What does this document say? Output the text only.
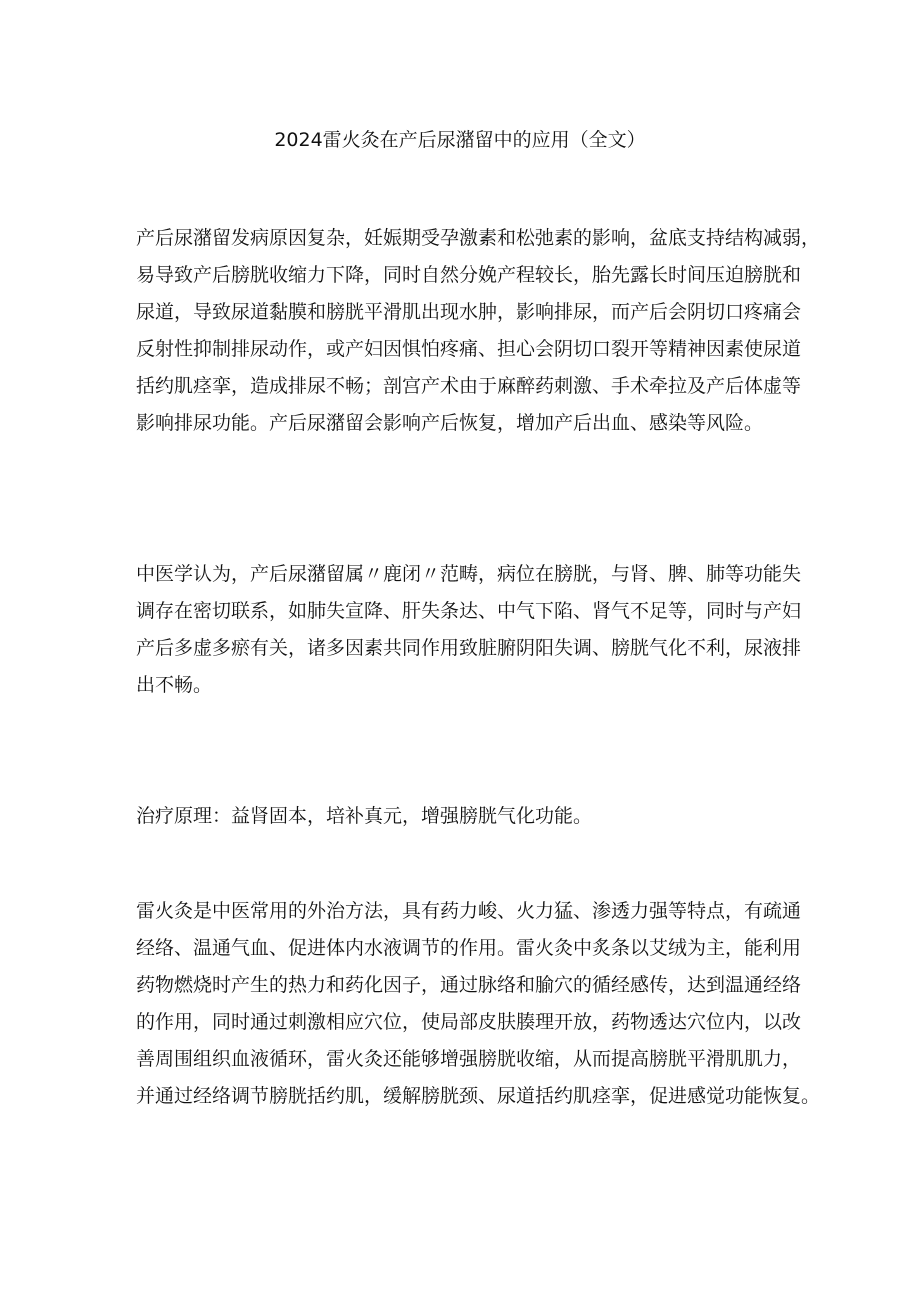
2024雷火灸在产后尿潴留中的应用（全文）
产后尿潴留发病原因复杂，妊娠期受孕激素和松弛素的影响，盆底支持结构减弱，
易导致产后膀胱收缩力下降，同时自然分娩产程较长，胎先露长时间压迫膀胱和
尿道，导致尿道黏膜和膀胱平滑肌出现水肿，影响排尿，而产后会阴切口疼痛会
反射性抑制排尿动作，或产妇因惧怕疼痛、担心会阴切口裂开等精神因素使尿道
括约肌痉挛，造成排尿不畅；剖宫产术由于麻醉药刺激、手术牵拉及产后体虚等
影响排尿功能。产后尿潴留会影响产后恢复，增加产后出血、感染等风险。
中医学认为，产后尿潴留属〃鹿闭〃范畴，病位在膀胱，与肾、脾、肺等功能失
调存在密切联系，如肺失宣降、肝失条达、中气下陷、肾气不足等，同时与产妇
产后多虚多瘀有关，诸多因素共同作用致脏腑阴阳失调、膀胱气化不利，尿液排
出不畅。
治疗原理：益肾固本，培补真元，增强膀胱气化功能。
雷火灸是中医常用的外治方法，具有药力峻、火力猛、渗透力强等特点，有疏通
经络、温通气血、促进体内水液调节的作用。雷火灸中炙条以艾绒为主，能利用
药物燃烧时产生的热力和药化因子，通过脉络和腧穴的循经感传，达到温通经络
的作用，同时通过刺激相应穴位，使局部皮肤腠理开放，药物透达穴位内，以改
善周围组织血液循环，雷火灸还能够增强膀胱收缩，从而提高膀胱平滑肌肌力，
并通过经络调节膀胱括约肌，缓解膀胱颈、尿道括约肌痉挛，促进感觉功能恢复。
